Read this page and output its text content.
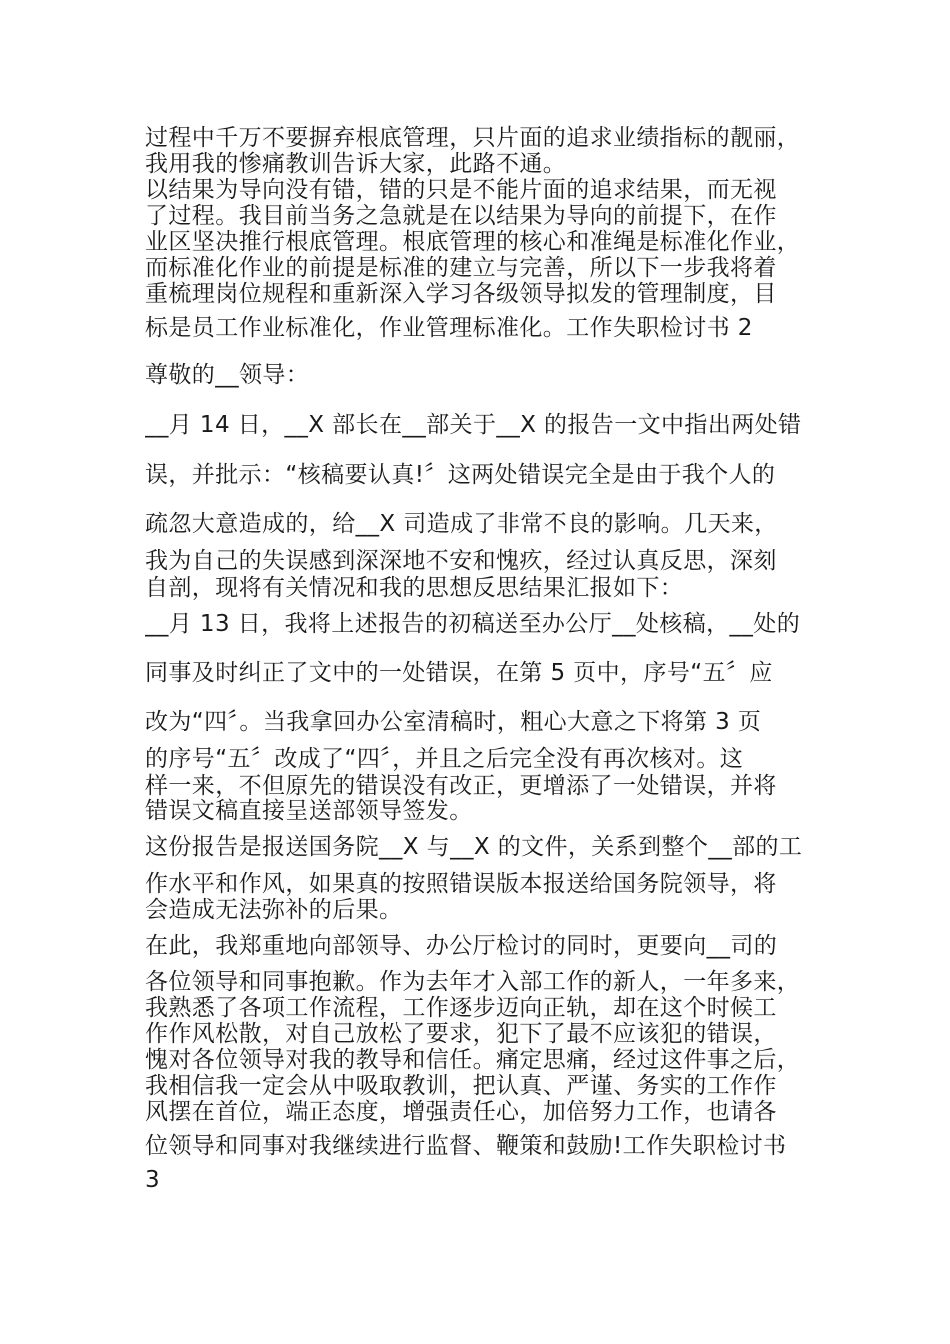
过程中千万不要摒弃根底管理，只片面的追求业绩指标的靓丽，
我用我的惨痛教训告诉大家，此路不通。
以结果为导向没有错，错的只是不能片面的追求结果，而无视
了过程。我目前当务之急就是在以结果为导向的前提下，在作
业区坚决推行根底管理。根底管理的核心和准绳是标准化作业，
而标准化作业的前提是标准的建立与完善，所以下一步我将着
重梳理岗位规程和重新深入学习各级领导拟发的管理制度，目
标是员工作业标准化，作业管理标准化。工作失职检讨书 2
尊敬的__领导：
__月 14 日，__X 部长在__部关于__X 的报告一文中指出两处错
误，并批示：“核稿要认真!〞这两处错误完全是由于我个人的
疏忽大意造成的，给__X 司造成了非常不良的影响。几天来，
我为自己的失误感到深深地不安和愧疚，经过认真反思，深刻
自剖，现将有关情况和我的思想反思结果汇报如下：
__月 13 日，我将上述报告的初稿送至办公厅__处核稿，__处的
同事及时纠正了文中的一处错误，在第 5 页中，序号“五〞应
改为“四〞。当我拿回办公室清稿时，粗心大意之下将第 3 页
的序号“五〞改成了“四〞，并且之后完全没有再次核对。这
样一来，不但原先的错误没有改正，更增添了一处错误，并将
错误文稿直接呈送部领导签发。
这份报告是报送国务院__X 与__X 的文件，关系到整个__部的工
作水平和作风，如果真的按照错误版本报送给国务院领导，将
会造成无法弥补的后果。
在此，我郑重地向部领导、办公厅检讨的同时，更要向__司的
各位领导和同事抱歉。作为去年才入部工作的新人，一年多来，
我熟悉了各项工作流程，工作逐步迈向正轨，却在这个时候工
作作风松散，对自己放松了要求，犯下了最不应该犯的错误，
愧对各位领导对我的教导和信任。痛定思痛，经过这件事之后，
我相信我一定会从中吸取教训，把认真、严谨、务实的工作作
风摆在首位，端正态度，增强责任心，加倍努力工作，也请各
位领导和同事对我继续进行监督、鞭策和鼓励!工作失职检讨书
3
